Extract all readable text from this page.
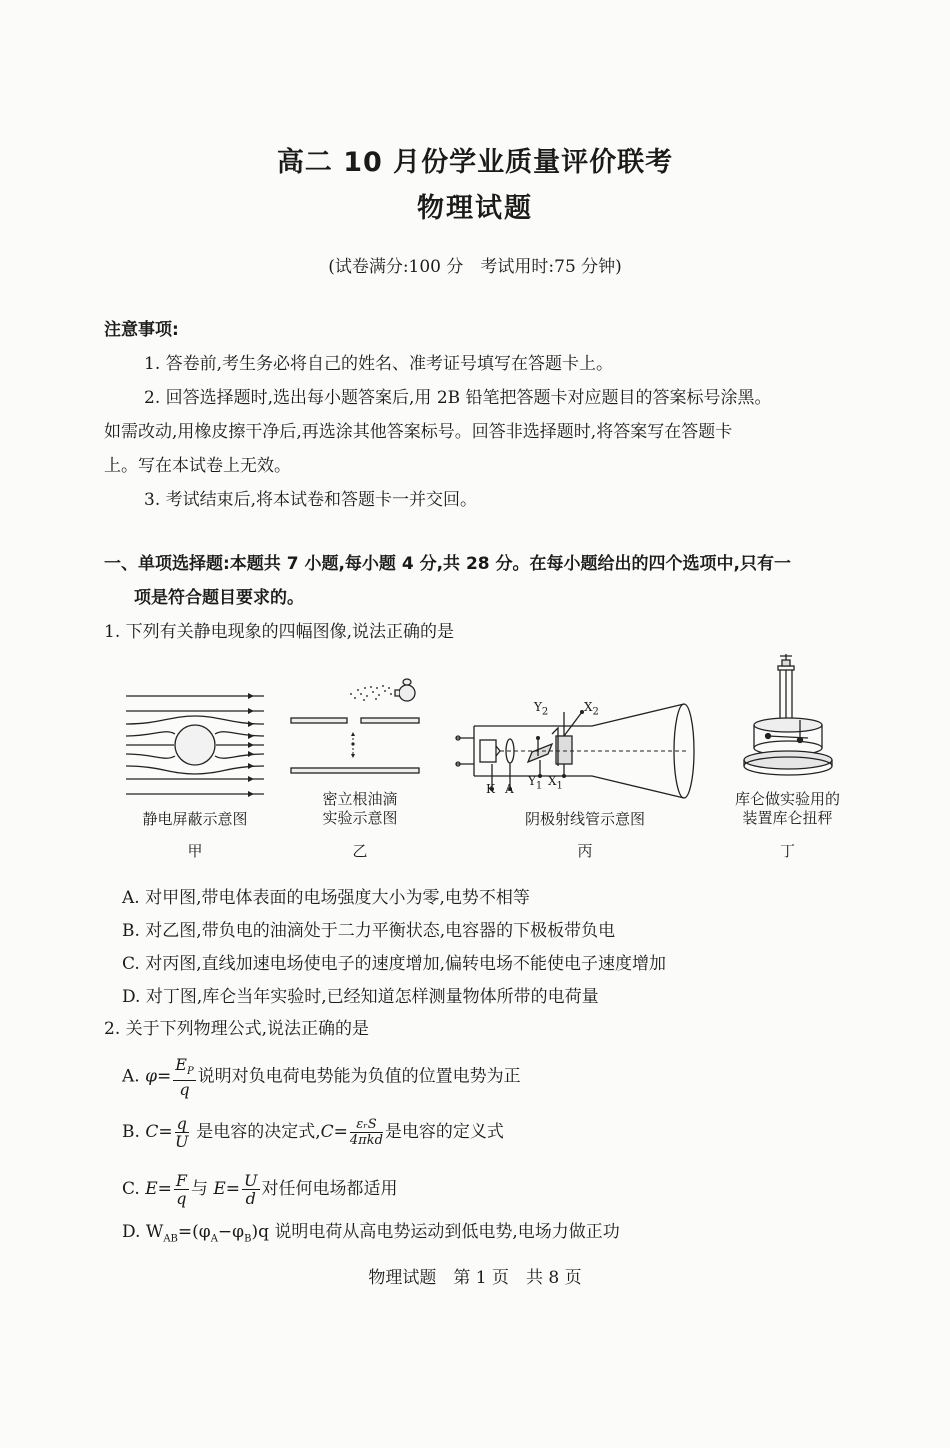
高二 10 月份学业质量评价联考
物理试题
(试卷满分:100 分　考试用时:75 分钟)
注意事项:
1. 答卷前,考生务必将自己的姓名、准考证号填写在答题卡上。
2. 回答选择题时,选出每小题答案后,用 2B 铅笔把答题卡对应题目的答案标号涂黑。
如需改动,用橡皮擦干净后,再选涂其他答案标号。回答非选择题时,将答案写在答题卡
上。写在本试卷上无效。
3. 考试结束后,将本试卷和答题卡一并交回。
一、单项选择题:本题共 7 小题,每小题 4 分,共 28 分。在每小题给出的四个选项中,只有一
项是符合题目要求的。
1. 下列有关静电现象的四幅图像,说法正确的是
静电屏蔽示意图
甲
密立根油滴
实验示意图
乙
K A
$Y_2$
$Y_1$
$X_2$
$X_1$
阴极射线管示意图
丙
库仑做实验用的
装置库仑扭秤
丁
A. 对甲图,带电体表面的电场强度大小为零,电势不相等
B. 对乙图,带负电的油滴处于二力平衡状态,电容器的下极板带负电
C. 对丙图,直线加速电场使电子的速度增加,偏转电场不能使电子速度增加
D. 对丁图,库仑当年实验时,已经知道怎样测量物体所带的电荷量
2. 关于下列物理公式,说法正确的是
A. $\varphi= \frac{E_P}{q}$ 说明对负电荷电势能为负值的位置电势为正
B. $C= \frac{q}{U}$ 是电容的决定式$,C= \frac{\text{εᵣS}}{\text{4πkd}}$ 是电容的定义式
C. $E= \frac{F}{q}$ 与 $E= \frac{U}{d}$ 对任何电场都适用
D. $W_{AB}=(\varphi_A-\varphi_B)q$ 说明电荷从高电势运动到低电势,电场力做正功
物理试题　第 1 页　共 8 页
